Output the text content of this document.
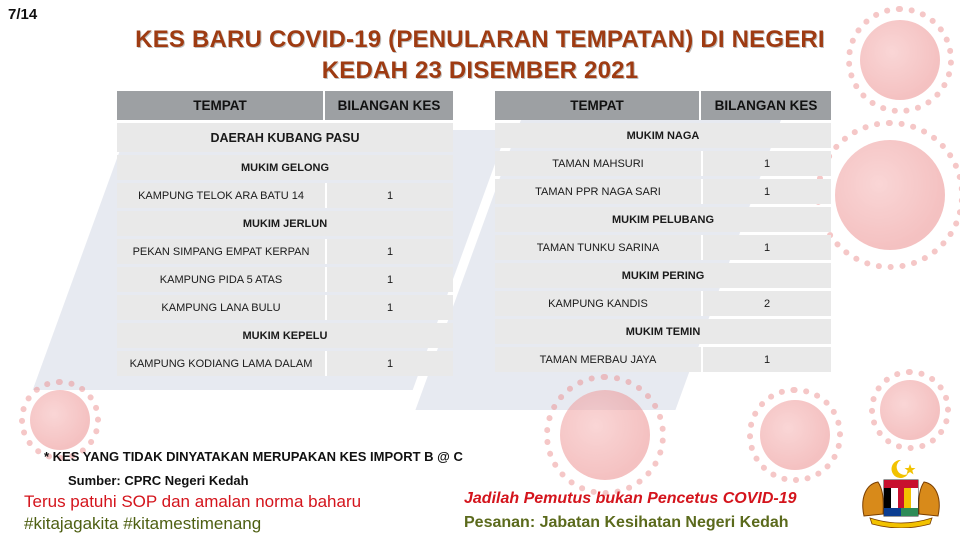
7/14
KES BARU COVID-19 (PENULARAN TEMPATAN) DI NEGERI
KEDAH 23 DISEMBER 2021
TEMPAT	BILANGAN KES
DAERAH KUBANG PASU	
MUKIM GELONG	
KAMPUNG TELOK ARA BATU 14	1
MUKIM JERLUN	
PEKAN SIMPANG EMPAT KERPAN	1
KAMPUNG PIDA 5 ATAS	1
KAMPUNG LANA BULU	1
MUKIM KEPELU	
KAMPUNG KODIANG LAMA DALAM	1
TEMPAT	BILANGAN KES
MUKIM NAGA	
TAMAN MAHSURI	1
TAMAN PPR NAGA SARI	1
MUKIM PELUBANG	
TAMAN TUNKU SARINA	1
MUKIM PERING	
KAMPUNG KANDIS	2
MUKIM TEMIN	
TAMAN MERBAU JAYA	1
* KES YANG TIDAK DINYATAKAN MERUPAKAN KES IMPORT B @ C
Sumber: CPRC Negeri Kedah
Terus patuhi SOP dan amalan norma baharu
#kitajagakita #kitamestimenang
Jadilah Pemutus bukan Pencetus COVID-19
Pesanan: Jabatan Kesihatan Negeri Kedah
